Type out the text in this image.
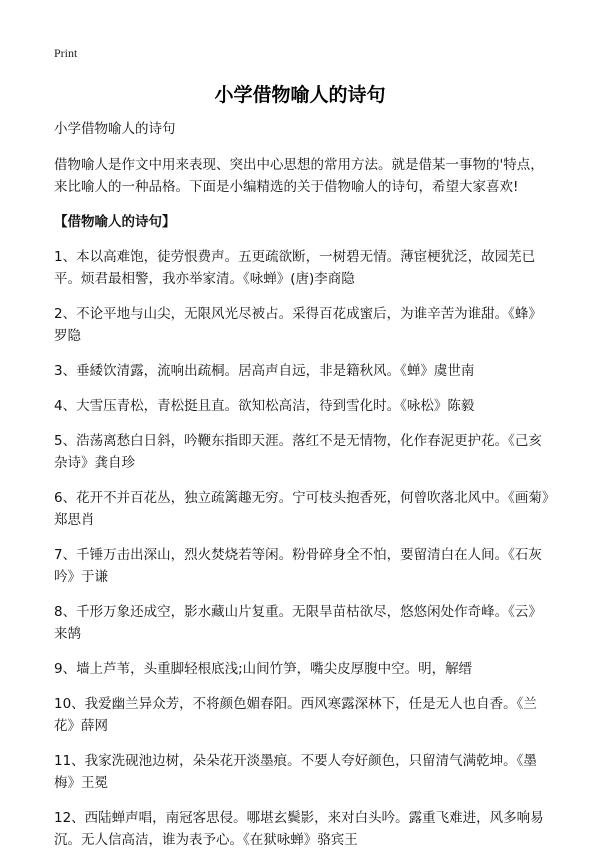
Print
小学借物喻人的诗句

小学借物喻人的诗句

借物喻人是作文中用来表现、突出中心思想的常用方法。就是借某一事物的'特点，来比喻人的一种品格。下面是小编精选的关于借物喻人的诗句，希望大家喜欢!

【借物喻人的诗句】

1、本以高难饱，徒劳恨费声。五更疏欲断，一树碧无情。薄宦梗犹泛，故园芜已平。烦君最相警，我亦举家清。《咏蝉》(唐)李商隐

2、不论平地与山尖，无限风光尽被占。采得百花成蜜后，为谁辛苦为谁甜。《蜂》罗隐

3、垂緌饮清露，流响出疏桐。居高声自远，非是籍秋风。《蝉》虞世南

4、大雪压青松，青松挺且直。欲知松高洁，待到雪化时。《咏松》陈毅

5、浩荡离愁白日斜，吟鞭东指即天涯。落红不是无情物，化作春泥更护花。《己亥杂诗》龚自珍

6、花开不并百花丛，独立疏篱趣无穷。宁可枝头抱香死，何曾吹落北风中。《画菊》郑思肖

7、千锤万击出深山，烈火焚烧若等闲。粉骨碎身全不怕，要留清白在人间。《石灰吟》于谦

8、千形万象还成空，影水藏山片复重。无限旱苗枯欲尽，悠悠闲处作奇峰。《云》来鹄

9、墙上芦苇，头重脚轻根底浅;山间竹笋，嘴尖皮厚腹中空。明，解缙

10、我爱幽兰异众芳，不将颜色媚春阳。西风寒露深林下，任是无人也自香。《兰花》薛网

11、我家洗砚池边树，朵朵花开淡墨痕。不要人夸好颜色，只留清气满乾坤。《墨梅》王冕

12、西陆蝉声唱，南冠客思侵。哪堪玄鬓影，来对白头吟。露重飞难进，风多响易沉。无人信高洁，谁为表予心。《在狱咏蝉》骆宾王
